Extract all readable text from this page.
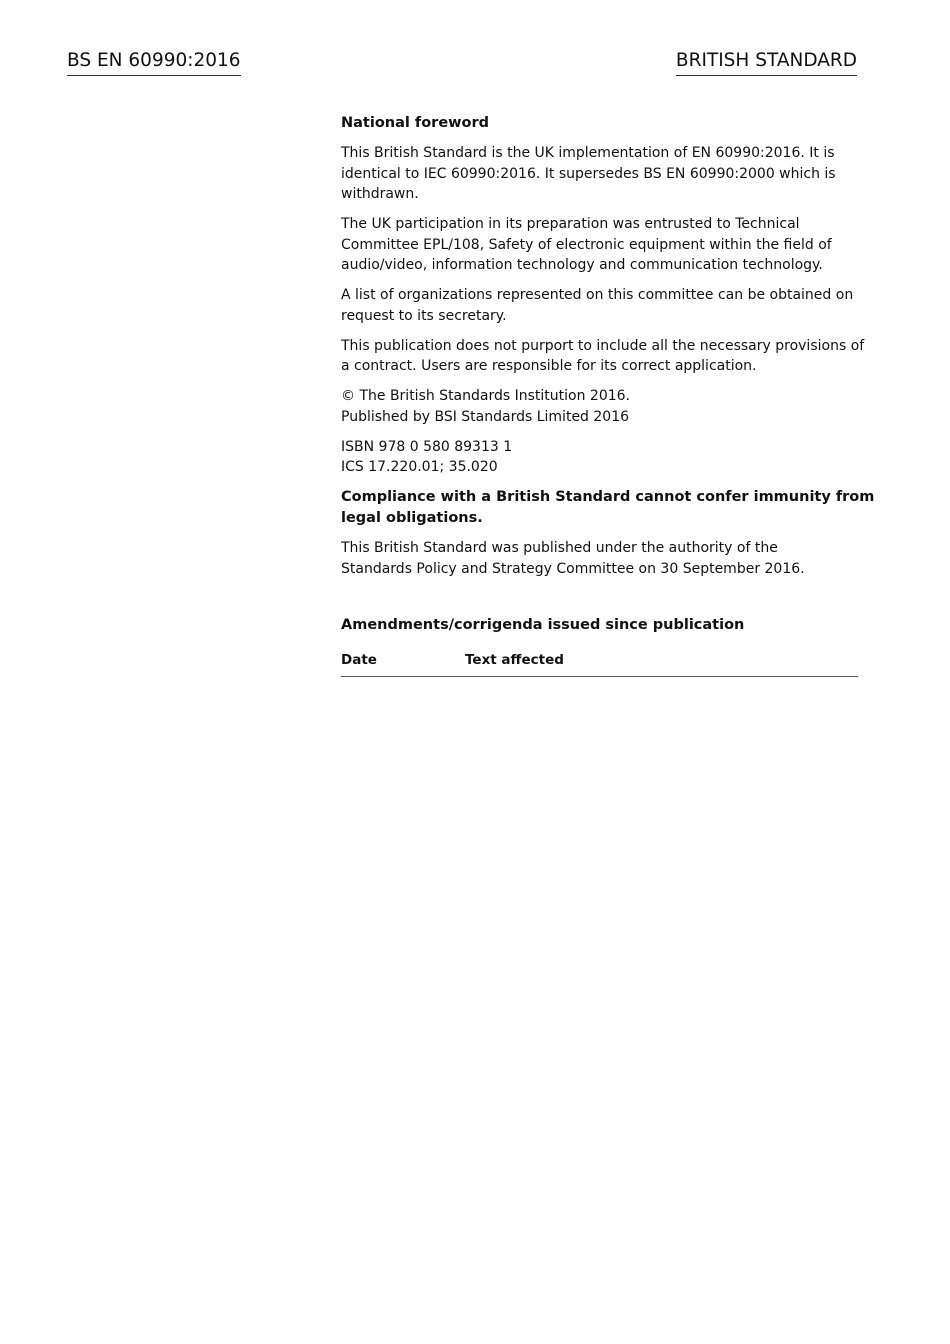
BS EN 60990:2016	BRITISH STANDARD

National foreword

This British Standard is the UK implementation of EN 60990:2016. It is

identical to IEC 60990:2016. It supersedes BS EN 60990:2000 which is

withdrawn.

The UK participation in its preparation was entrusted to Technical

Committee EPL/108, Safety of electronic equipment within the field of

audio/video, information technology and communication technology.

A list of organizations represented on this committee can be obtained on

request to its secretary.

This publication does not purport to include all the necessary provisions of

a contract. Users are responsible for its correct application.

© The British Standards Institution 2016.

Published by BSI Standards Limited 2016

ISBN 978 0 580 89313 1

ICS 17.220.01; 35.020

Compliance with a British Standard cannot confer immunity from

legal obligations.

This British Standard was published under the authority of the

Standards Policy and Strategy Committee on 30 September 2016.

Amendments/corrigenda issued since publication

Date	Text affected
